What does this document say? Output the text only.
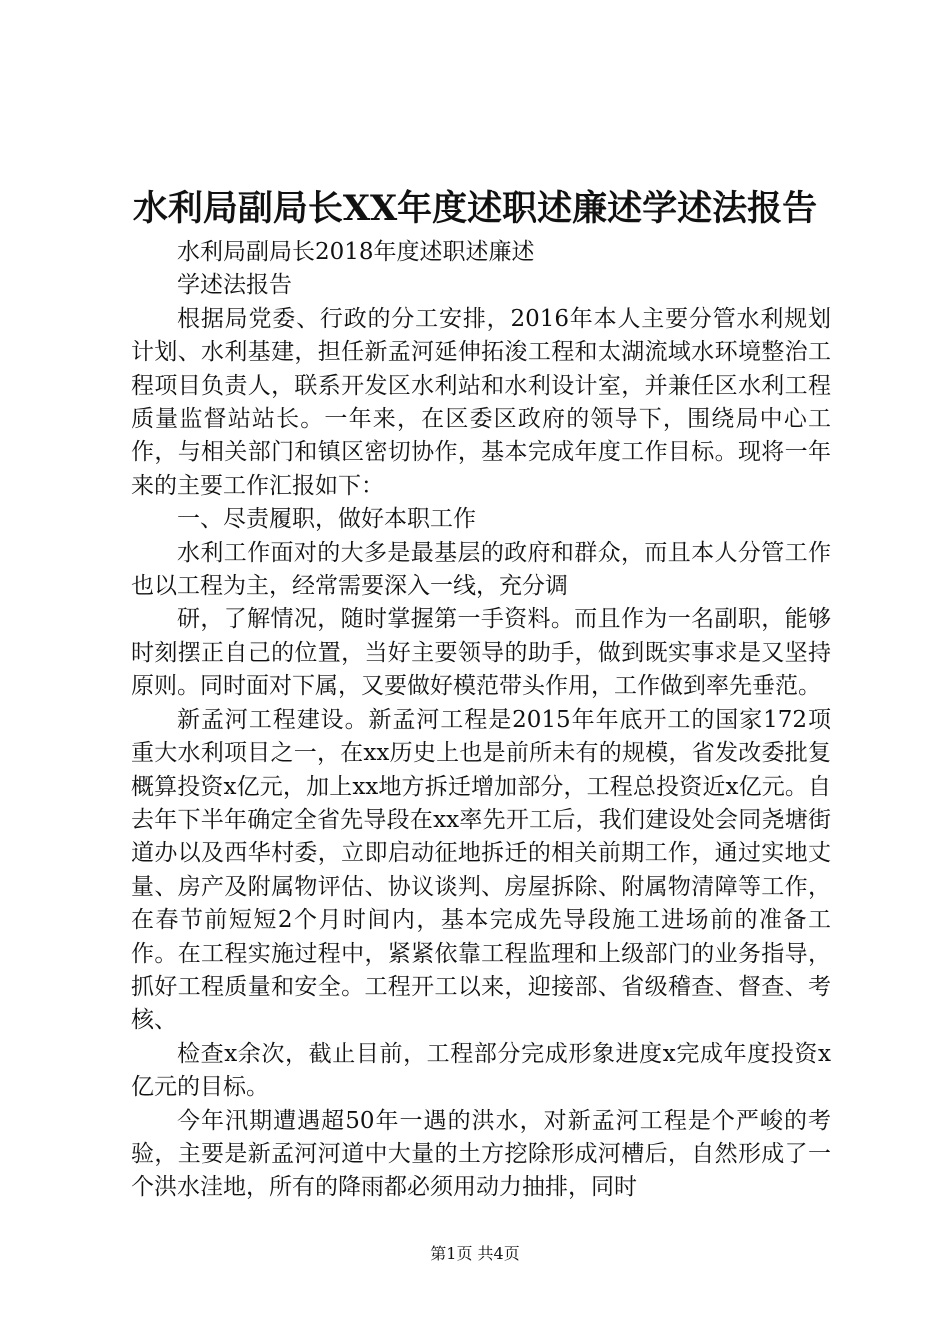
水利局副局长XX年度述职述廉述学述法报告

水利局副局长2018年度述职述廉述

学述法报告

根据局党委、行政的分工安排，2016年本人主要分管水利规划计划、水利基建，担任新孟河延伸拓浚工程和太湖流域水环境整治工程项目负责人，联系开发区水利站和水利设计室，并兼任区水利工程质量监督站站长。一年来，在区委区政府的领导下，围绕局中心工作，与相关部门和镇区密切协作，基本完成年度工作目标。现将一年来的主要工作汇报如下：

一、尽责履职，做好本职工作

水利工作面对的大多是最基层的政府和群众，而且本人分管工作也以工程为主，经常需要深入一线，充分调

研，了解情况，随时掌握第一手资料。而且作为一名副职，能够时刻摆正自己的位置，当好主要领导的助手，做到既实事求是又坚持原则。同时面对下属，又要做好模范带头作用，工作做到率先垂范。

新孟河工程建设。新孟河工程是2015年年底开工的国家172项重大水利项目之一，在xx历史上也是前所未有的规模，省发改委批复概算投资x亿元，加上xx地方拆迁增加部分，工程总投资近x亿元。自去年下半年确定全省先导段在xx率先开工后，我们建设处会同尧塘街道办以及西华村委，立即启动征地拆迁的相关前期工作，通过实地丈量、房产及附属物评估、协议谈判、房屋拆除、附属物清障等工作，在春节前短短2个月时间内，基本完成先导段施工进场前的准备工作。在工程实施过程中，紧紧依靠工程监理和上级部门的业务指导，抓好工程质量和安全。工程开工以来，迎接部、省级稽查、督查、考核、

检查x余次，截止目前，工程部分完成形象进度x完成年度投资x亿元的目标。

今年汛期遭遇超50年一遇的洪水，对新孟河工程是个严峻的考验，主要是新孟河河道中大量的土方挖除形成河槽后，自然形成了一个洪水洼地，所有的降雨都必须用动力抽排，同时

第1页 共4页
